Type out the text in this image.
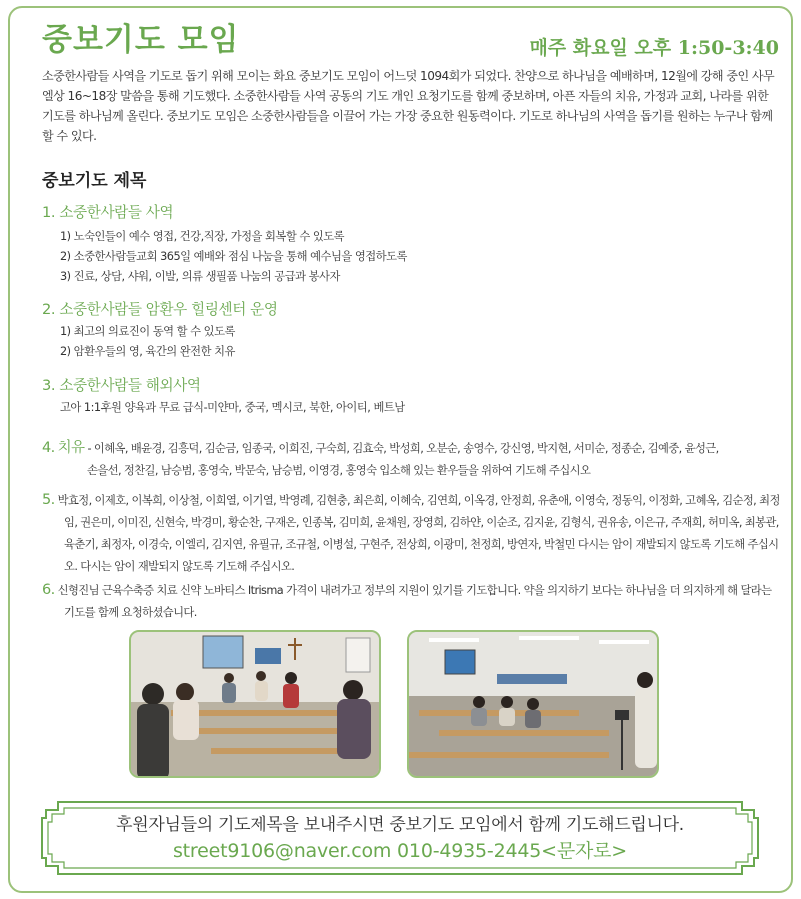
중보기도 모임	매주 화요일 오후 1:50-3:40
소중한사람들 사역을 기도로 돕기 위해 모이는 화요 중보기도 모임이 어느덧 1094회가 되었다. 찬양으로 하나님을 예배하며, 12월에 강해 중인 사무엘상 16~18장 말씀을 통해 기도했다. 소중한사람들 사역 공동의 기도 개인 요청기도를 함께 중보하며, 아픈 자들의 치유, 가정과 교회, 나라를 위한 기도를 하나님께 올린다. 중보기도 모임은 소중한사람들을 이끌어 가는 가장 중요한 원동력이다. 기도로 하나님의 사역을 돕기를 원하는 누구나 함께 할 수 있다.
중보기도 제목
1. 소중한사람들 사역
1) 노숙인들이 예수 영접, 건강,직장, 가정을 회복할 수 있도록
2) 소중한사람들교회 365일 예배와 점심 나눔을 통해 예수님을 영접하도록
3) 진료, 상담, 샤워, 이발, 의류 생필품 나눔의 공급과 봉사자
2. 소중한사람들 암환우 힐링센터 운영
1) 최고의 의료진이 동역 할 수 있도록
2) 암환우들의 영, 육간의 완전한 치유
3. 소중한사람들 해외사역
고아 1:1후원 양육과 무료 급식-미얀마, 중국, 멕시코, 북한, 아이티, 베트남
4. 치유 - 이혜옥, 배윤경, 김흥덕, 김순금, 임종국, 이희진, 구숙희, 김효숙, 박성희, 오분순, 송영수, 강신영, 박지현, 서미순, 정종순, 김예중, 윤성근,
손을선, 정찬길, 남승범, 홍영숙, 박문숙, 남승범, 이영경, 홍영숙 입소해 있는 환우들을 위하여 기도해 주십시오
5. 박효정, 이제호, 이복희, 이상철, 이희열, 이기열, 박영례, 김현충, 최은희, 이혜숙, 김연희, 이옥경, 안정희, 유춘애, 이영숙, 정동익, 이정화, 고혜옥, 김순정, 최정임, 권은미, 이미진, 신현숙, 박경미, 황순찬, 구재온, 인종복, 김미희, 윤채원, 장영희, 김하얀, 이순조, 김지윤, 김형식, 권유송, 이은규, 주재희, 허미옥, 최봉관, 육춘기, 최정자, 이경숙, 이엘리, 김지연, 유필규, 조규철, 이병설, 구현주, 전상희, 이광미, 천정희, 방연자, 박철민 다시는 암이 재발되지 않도록 기도해 주십시오. 다시는 암이 재발되지 않도록 기도해 주십시오.
6. 신형진님 근육수축증 치료 신약 노바티스 Itrisma 가격이 내려가고 정부의 지원이 있기를 기도합니다. 약을 의지하기 보다는 하나님을 더 의지하게 해 달라는 기도를 함께 요청하셨습니다.
후원자님들의 기도제목을 보내주시면 중보기도 모임에서 함께 기도해드립니다.
street9106@naver.com 010-4935-2445<문자로>
